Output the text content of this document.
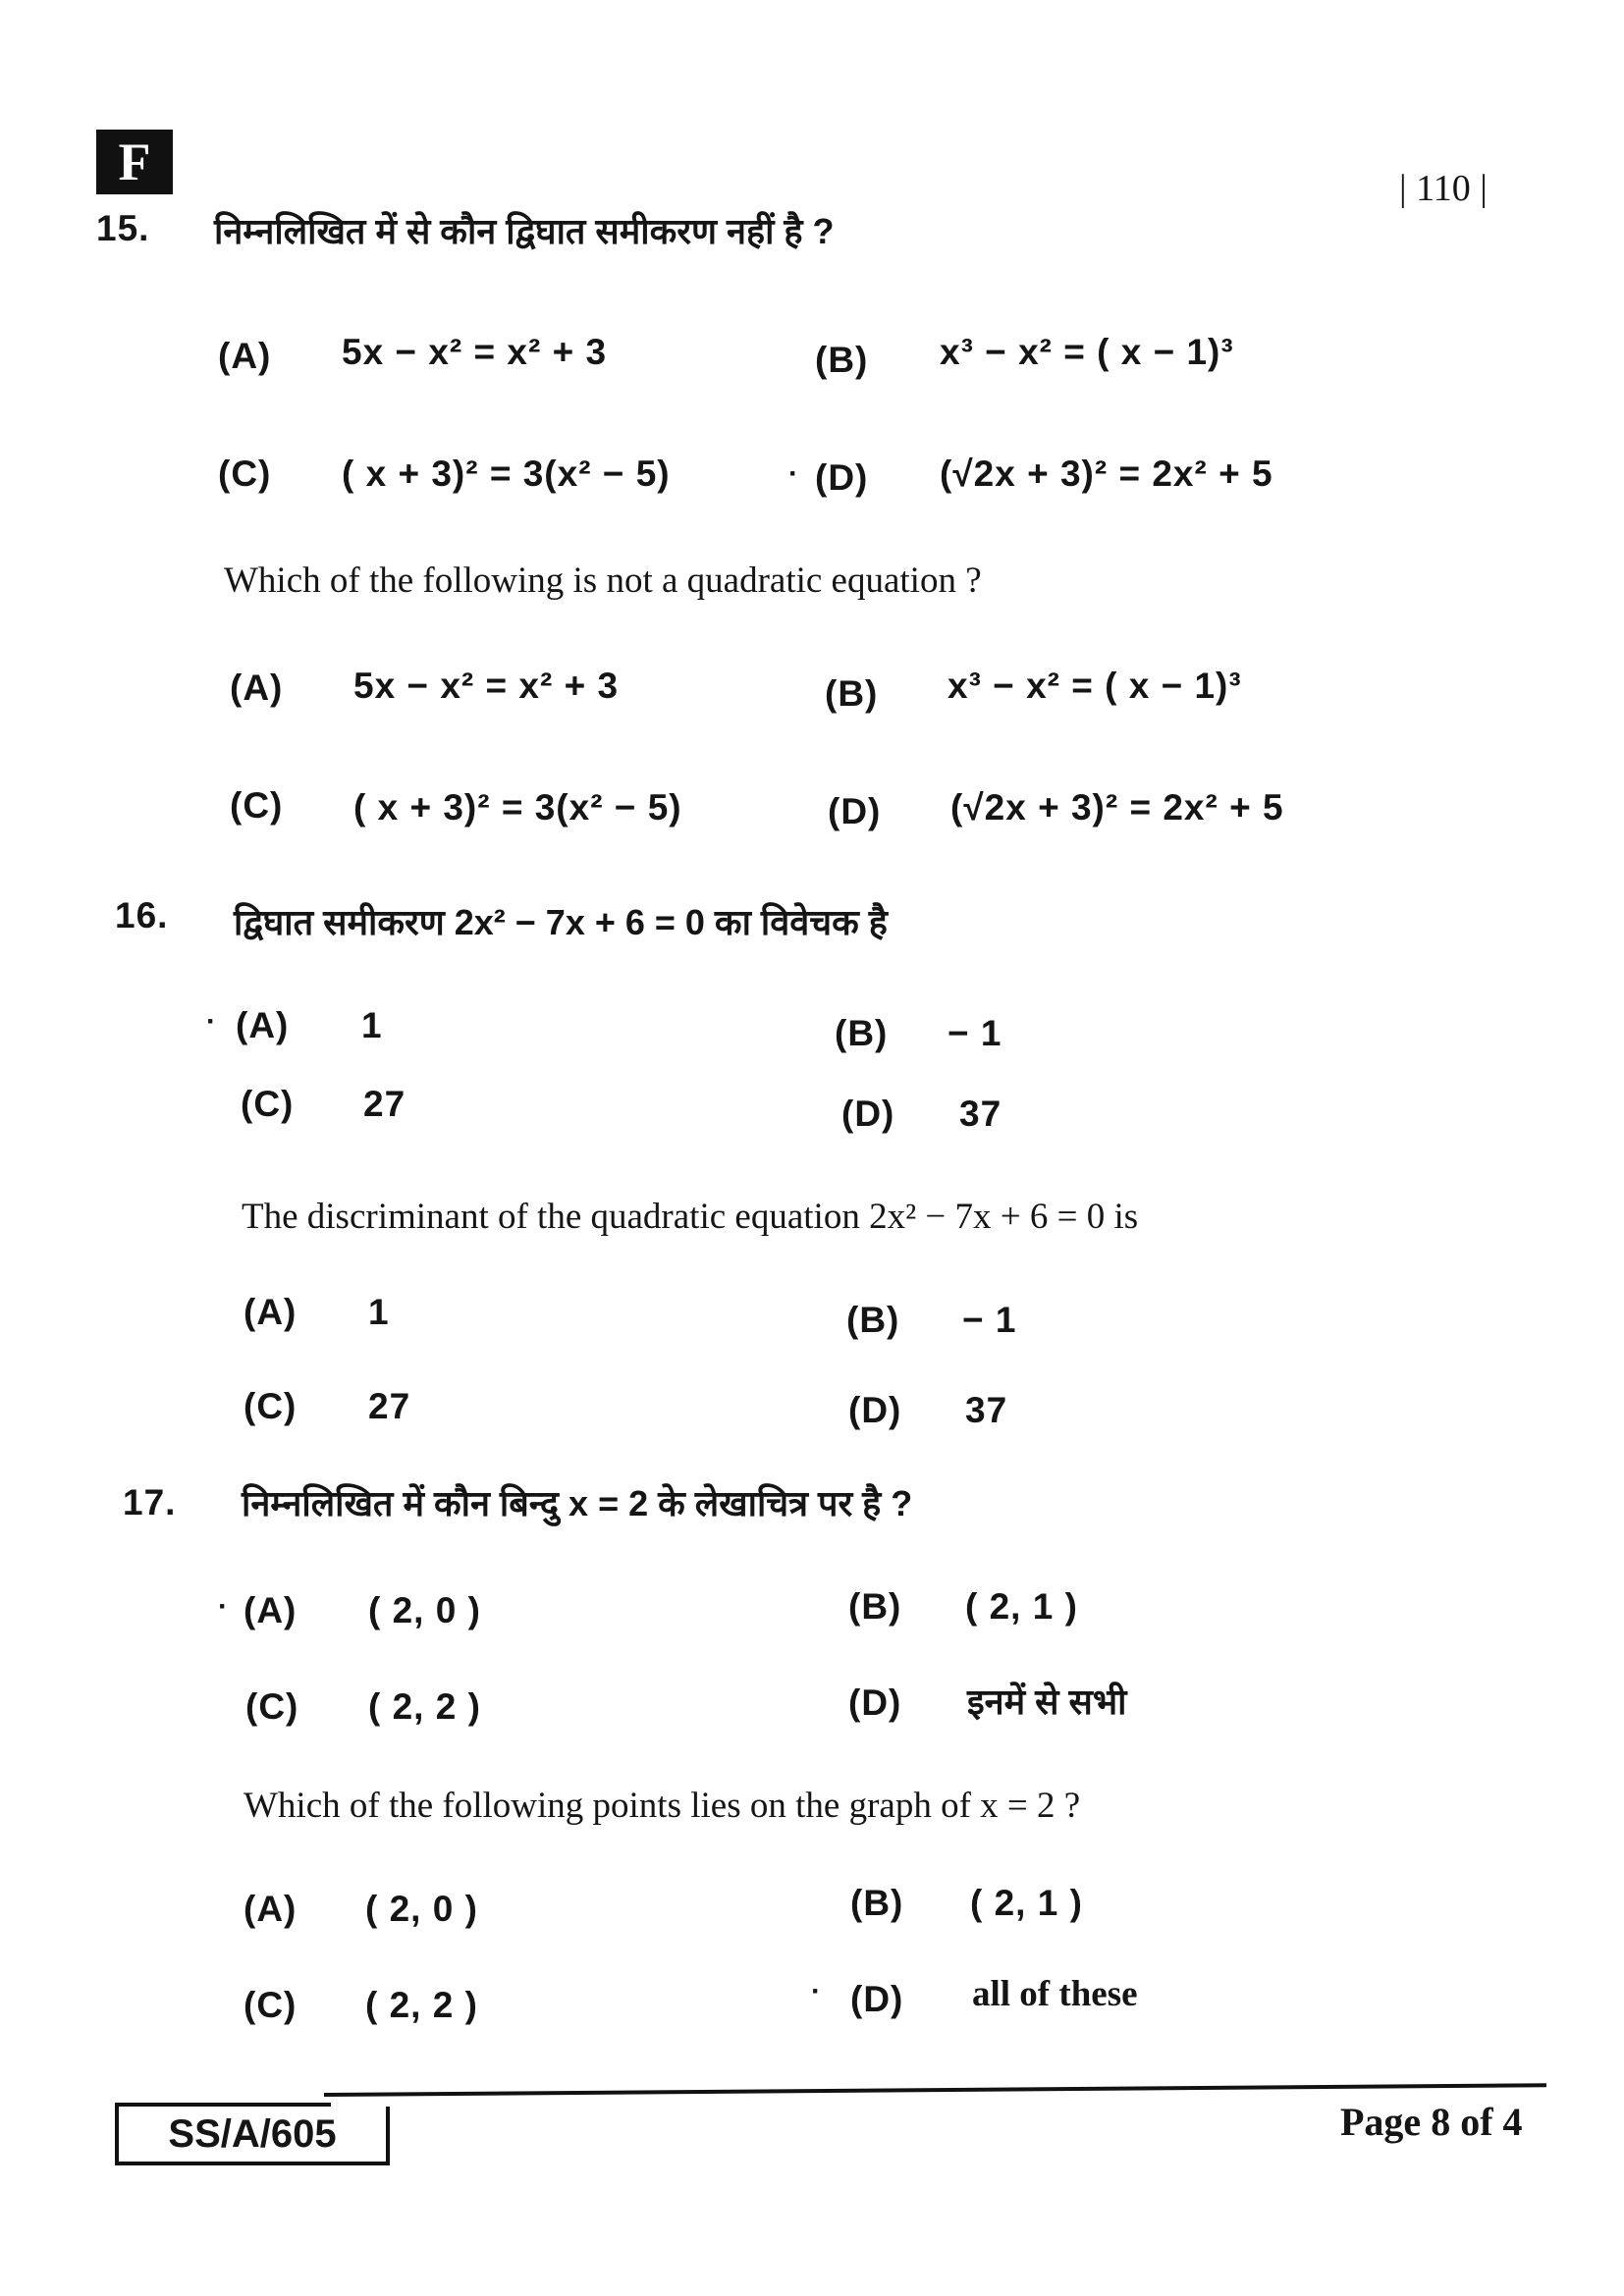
F	| 110 |
15. निम्नलिखित में से कौन द्विघात समीकरण नहीं है ?
(A) 5x − x² = x² + 3	(B) x³ − x² = ( x − 1)³
(C) ( x + 3)² = 3(x² − 5)	· (D) (√2x + 3)² = 2x² + 5
Which of the following is not a quadratic equation ?
(A) 5x − x² = x² + 3	(B) x³ − x² = ( x − 1)³
(C) ( x + 3)² = 3(x² − 5)	(D) (√2x + 3)² = 2x² + 5
16. द्विघात समीकरण 2x² − 7x + 6 = 0 का विवेचक है
· (A) 1	(B) − 1
(C) 27	(D) 37
The discriminant of the quadratic equation 2x² − 7x + 6 = 0 is
(A) 1	(B) − 1
(C) 27	(D) 37
17. निम्नलिखित में कौन बिन्दु x = 2 के लेखाचित्र पर है ?
· (A) ( 2, 0 )	(B) ( 2, 1 )
(C) ( 2, 2 )	(D) इनमें से सभी
Which of the following points lies on the graph of x = 2 ?
(A) ( 2, 0 )	(B) ( 2, 1 )
(C) ( 2, 2 )	· (D) all of these
SS/A/605	Page 8 of 4
